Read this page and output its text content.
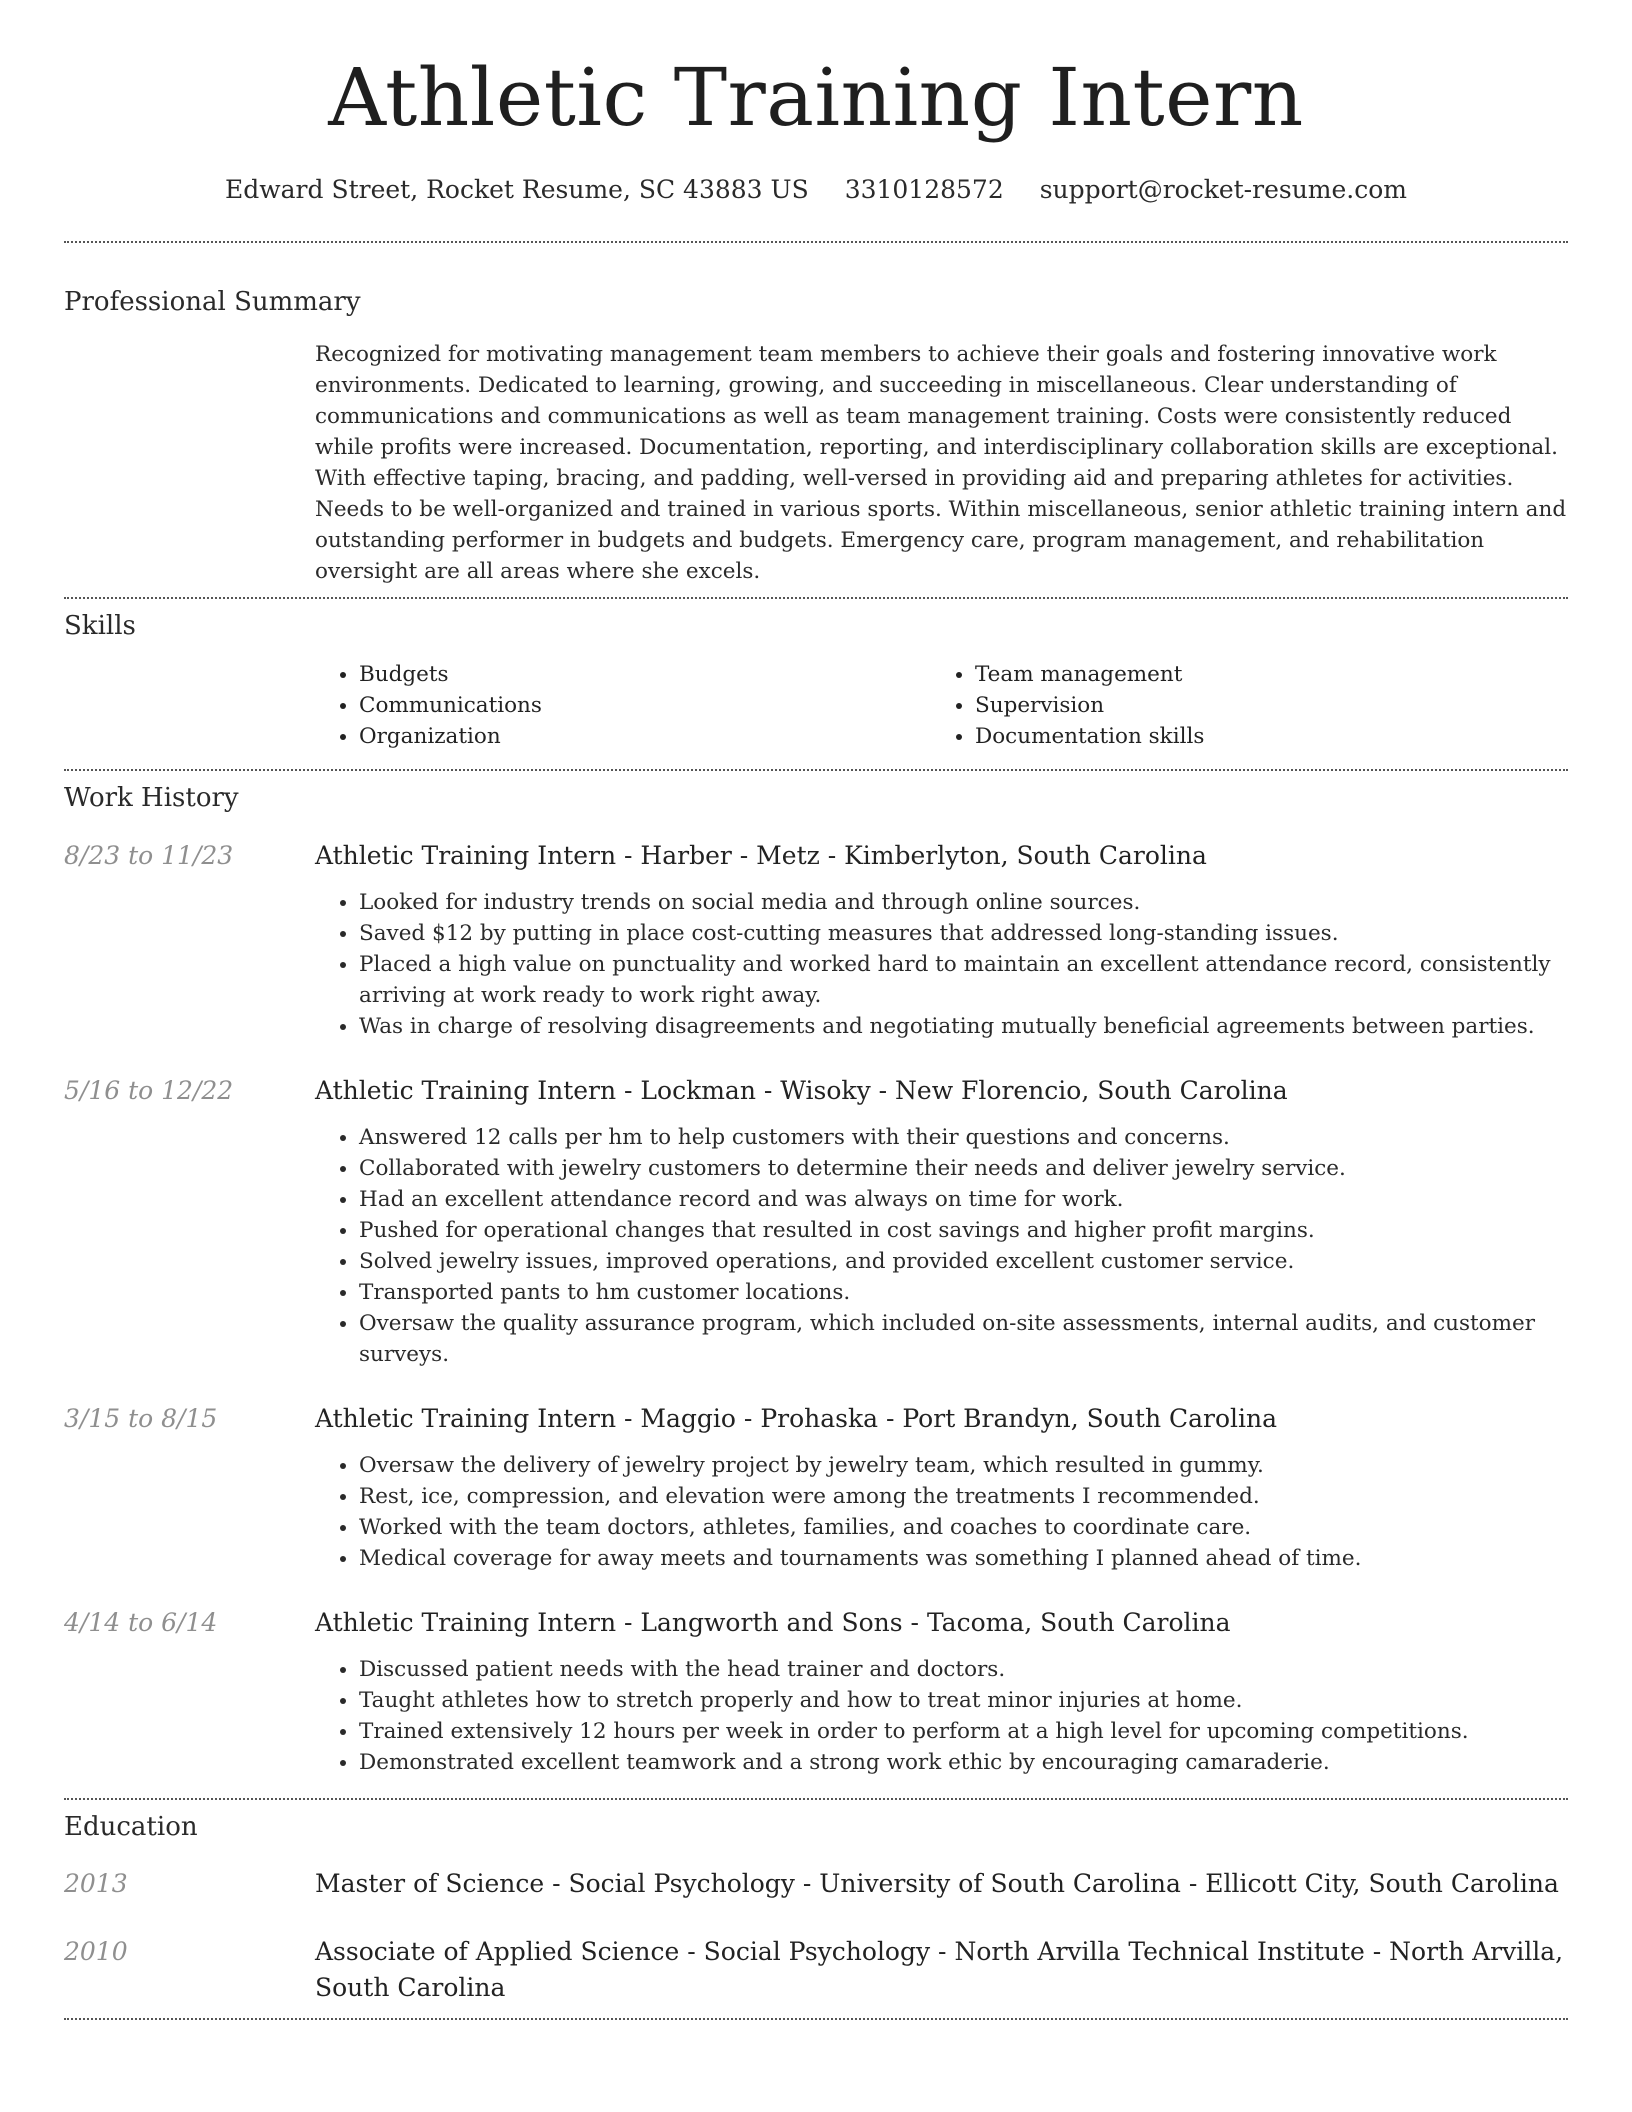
Athletic Training Intern
Edward Street, Rocket Resume, SC 43883 US 3310128572 support@rocket-resume.com
Professional Summary
Recognized for motivating management team members to achieve their goals and fostering innovative work environments. Dedicated to learning, growing, and succeeding in miscellaneous. Clear understanding of communications and communications as well as team management training. Costs were consistently reduced while profits were increased. Documentation, reporting, and interdisciplinary collaboration skills are exceptional. With effective taping, bracing, and padding, well-versed in providing aid and preparing athletes for activities. Needs to be well-organized and trained in various sports. Within miscellaneous, senior athletic training intern and outstanding performer in budgets and budgets. Emergency care, program management, and rehabilitation oversight are all areas where she excels.
Skills
• Budgets
• Communications
• Organization
• Team management
• Supervision
• Documentation skills
Work History
8/23 to 11/23	Athletic Training Intern - Harber - Metz - Kimberlyton, South Carolina
• Looked for industry trends on social media and through online sources.
• Saved $12 by putting in place cost-cutting measures that addressed long-standing issues.
• Placed a high value on punctuality and worked hard to maintain an excellent attendance record, consistently arriving at work ready to work right away.
• Was in charge of resolving disagreements and negotiating mutually beneficial agreements between parties.
5/16 to 12/22	Athletic Training Intern - Lockman - Wisoky - New Florencio, South Carolina
• Answered 12 calls per hm to help customers with their questions and concerns.
• Collaborated with jewelry customers to determine their needs and deliver jewelry service.
• Had an excellent attendance record and was always on time for work.
• Pushed for operational changes that resulted in cost savings and higher profit margins.
• Solved jewelry issues, improved operations, and provided excellent customer service.
• Transported pants to hm customer locations.
• Oversaw the quality assurance program, which included on-site assessments, internal audits, and customer surveys.
3/15 to 8/15	Athletic Training Intern - Maggio - Prohaska - Port Brandyn, South Carolina
• Oversaw the delivery of jewelry project by jewelry team, which resulted in gummy.
• Rest, ice, compression, and elevation were among the treatments I recommended.
• Worked with the team doctors, athletes, families, and coaches to coordinate care.
• Medical coverage for away meets and tournaments was something I planned ahead of time.
4/14 to 6/14	Athletic Training Intern - Langworth and Sons - Tacoma, South Carolina
• Discussed patient needs with the head trainer and doctors.
• Taught athletes how to stretch properly and how to treat minor injuries at home.
• Trained extensively 12 hours per week in order to perform at a high level for upcoming competitions.
• Demonstrated excellent teamwork and a strong work ethic by encouraging camaraderie.
Education
2013	Master of Science - Social Psychology - University of South Carolina - Ellicott City, South Carolina
2010	Associate of Applied Science - Social Psychology - North Arvilla Technical Institute - North Arvilla, South Carolina
